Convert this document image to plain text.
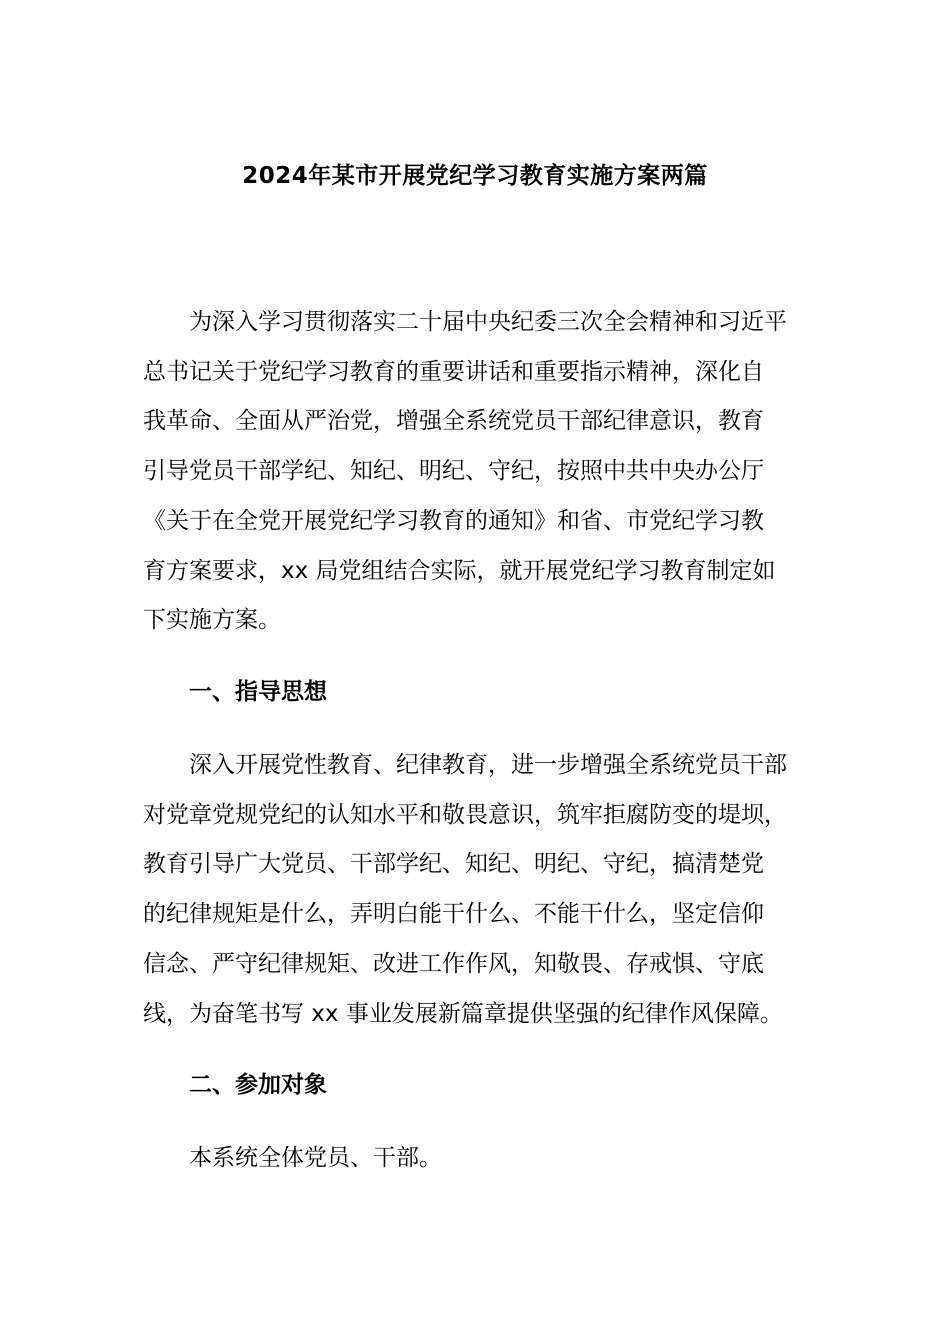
2024年某市开展党纪学习教育实施方案两篇
为深入学习贯彻落实二十届中央纪委三次全会精神和习近平
总书记关于党纪学习教育的重要讲话和重要指示精神，深化自
我革命、全面从严治党，增强全系统党员干部纪律意识，教育
引导党员干部学纪、知纪、明纪、守纪，按照中共中央办公厅
《关于在全党开展党纪学习教育的通知》和省、市党纪学习教
育方案要求，xx 局党组结合实际，就开展党纪学习教育制定如
下实施方案。
一、指导思想
深入开展党性教育、纪律教育，进一步增强全系统党员干部
对党章党规党纪的认知水平和敬畏意识，筑牢拒腐防变的堤坝，
教育引导广大党员、干部学纪、知纪、明纪、守纪，搞清楚党
的纪律规矩是什么，弄明白能干什么、不能干什么，坚定信仰
信念、严守纪律规矩、改进工作作风，知敬畏、存戒惧、守底
线，为奋笔书写 xx 事业发展新篇章提供坚强的纪律作风保障。
二、参加对象

本系统全体党员、干部。
